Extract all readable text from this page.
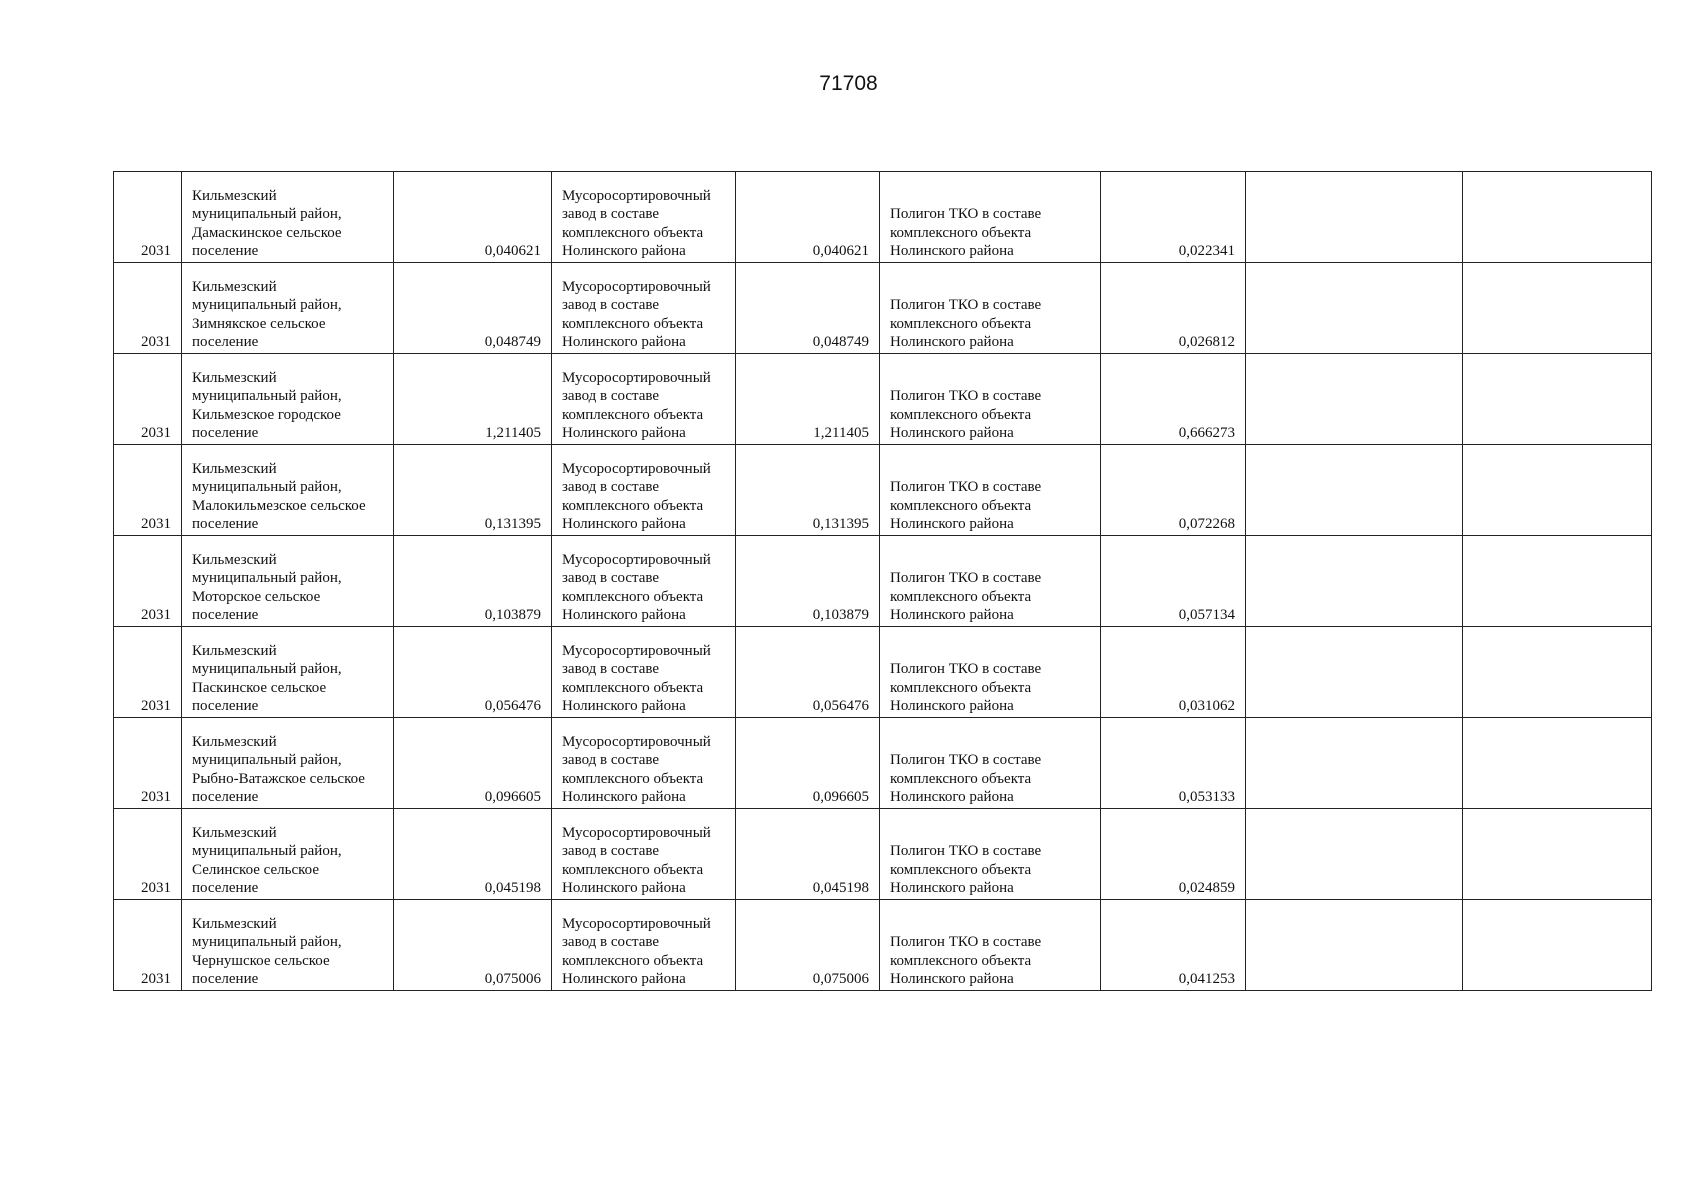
71708
2031	Кильмезский
муниципальный район,
Дамаскинское сельское
поселение	0,040621	Мусоросортировочный
завод в составе
комплексного объекта
Нолинского района	0,040621	Полигон ТКО в составе
комплексного объекта
Нолинского района	0,022341		
2031	Кильмезский
муниципальный район,
Зимнякское сельское
поселение	0,048749	Мусоросортировочный
завод в составе
комплексного объекта
Нолинского района	0,048749	Полигон ТКО в составе
комплексного объекта
Нолинского района	0,026812		
2031	Кильмезский
муниципальный район,
Кильмезское городское
поселение	1,211405	Мусоросортировочный
завод в составе
комплексного объекта
Нолинского района	1,211405	Полигон ТКО в составе
комплексного объекта
Нолинского района	0,666273		
2031	Кильмезский
муниципальный район,
Малокильмезское сельское
поселение	0,131395	Мусоросортировочный
завод в составе
комплексного объекта
Нолинского района	0,131395	Полигон ТКО в составе
комплексного объекта
Нолинского района	0,072268		
2031	Кильмезский
муниципальный район,
Моторское сельское
поселение	0,103879	Мусоросортировочный
завод в составе
комплексного объекта
Нолинского района	0,103879	Полигон ТКО в составе
комплексного объекта
Нолинского района	0,057134		
2031	Кильмезский
муниципальный район,
Паскинское сельское
поселение	0,056476	Мусоросортировочный
завод в составе
комплексного объекта
Нолинского района	0,056476	Полигон ТКО в составе
комплексного объекта
Нолинского района	0,031062		
2031	Кильмезский
муниципальный район,
Рыбно-Ватажское сельское
поселение	0,096605	Мусоросортировочный
завод в составе
комплексного объекта
Нолинского района	0,096605	Полигон ТКО в составе
комплексного объекта
Нолинского района	0,053133		
2031	Кильмезский
муниципальный район,
Селинское сельское
поселение	0,045198	Мусоросортировочный
завод в составе
комплексного объекта
Нолинского района	0,045198	Полигон ТКО в составе
комплексного объекта
Нолинского района	0,024859		
2031	Кильмезский
муниципальный район,
Чернушское сельское
поселение	0,075006	Мусоросортировочный
завод в составе
комплексного объекта
Нолинского района	0,075006	Полигон ТКО в составе
комплексного объекта
Нолинского района	0,041253		
